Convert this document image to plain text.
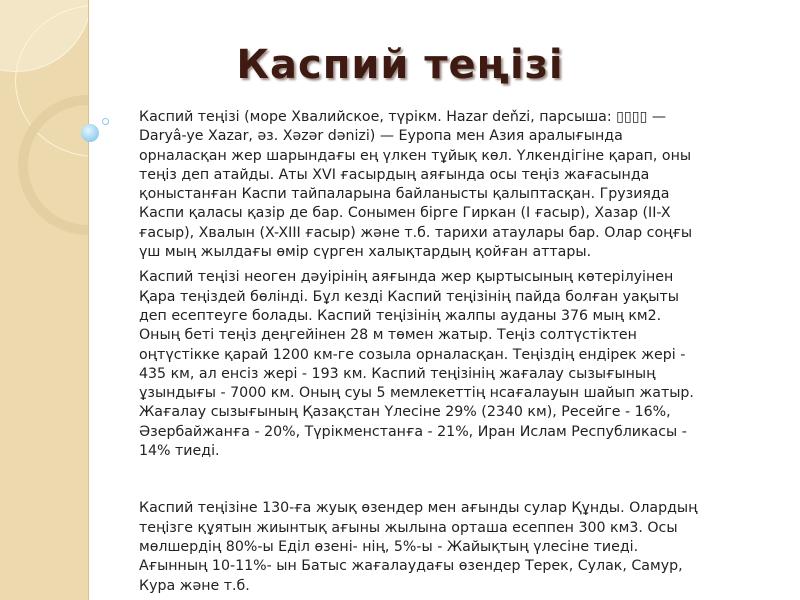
Каспий теңізі

Каспий теңізі (море Хвалийское, түрікм. Hazar deňzi, парсыша: ▯▯▯▯ — Daryâ-ye Xazar, әз. Xəzər dənizi) — Еуропа мен Азия аралығында орналасқан жер шарындағы ең үлкен тұйық көл. Үлкендігіне қарап, оны теңіз деп атайды. Аты XVI ғасырдың аяғында осы теңіз жағасында қоныстанған Каспи тайпаларына байланысты қалыптасқан. Грузияда Каспи қаласы қазір де бар. Сонымен бірге Гиркан (I ғасыр), Хазар (II-X ғасыр), Хвалын (X-XIII ғасыр) және т.б. тарихи атаулары бар. Олар соңғы үш мың жылдағы өмір сүрген халықтардың қойған аттары.

Каспий теңізі неоген дәуірінің аяғында жер қыртысының көтерілуінен Қара теңіздей бөлінді. Бұл кезді Каспий теңізінің пайда болған уақыты деп есептеуге болады. Каспий теңізінің жалпы ауданы 376 мың км2. Оның беті теңіз деңгейінен 28 м төмен жатыр. Теңіз солтүстіктен оңтүстікке қарай 1200 км-ге созыла орналасқан. Теңіздің ендірек жері - 435 км, ал енсіз жері - 193 км. Каспий теңізінің жағалау сызығының ұзындығы - 7000 км. Оның суы 5 мемлекеттің нсағалауын шайып жатыр. Жағалау сызығының Қазақстан Үлесіне 29% (2340 км), Ресейге - 16%, Әзербайжанға - 20%, Түрікменстанға - 21%, Иран Ислам Республикасы - 14% тиеді.

Каспий теңізіне 130-ға жуық өзендер мен ағынды сулар Құнды. Олардың теңізге құятын жиынтық ағыны жылына орташа есеппен 300 км3. Осы мөлшердің 80%-ы Еділ өзені- нің, 5%-ы - Жайықтың үлесіне тиеді. Ағынның 10-11%- ын Батыс жағалаудағы өзендер Терек, Сулак, Самур, Кура және т.б.
